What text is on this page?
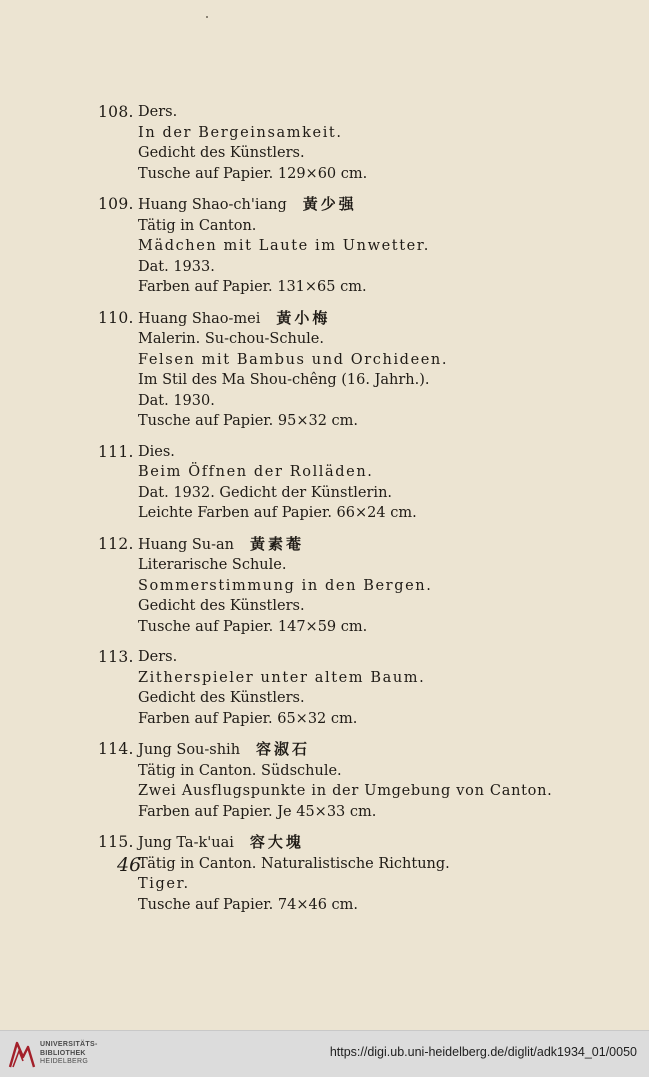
108. Ders.
In der Bergeinsamkeit.
Gedicht des Künstlers.
Tusche auf Papier. 129×60 cm.
109. Huang Shao-ch'iang 黃少强
Tätig in Canton.
Mädchen mit Laute im Unwetter.
Dat. 1933.
Farben auf Papier. 131×65 cm.
110. Huang Shao-mei 黃小梅
Malerin. Su-chou-Schule.
Felsen mit Bambus und Orchideen.
Im Stil des Ma Shou-chêng (16. Jahrh.).
Dat. 1930.
Tusche auf Papier. 95×32 cm.
111. Dies.
Beim Öffnen der Rolläden.
Dat. 1932. Gedicht der Künstlerin.
Leichte Farben auf Papier. 66×24 cm.
112. Huang Su-an 黃素菴
Literarische Schule.
Sommerstimmung in den Bergen.
Gedicht des Künstlers.
Tusche auf Papier. 147×59 cm.
113. Ders.
Zitherspieler unter altem Baum.
Gedicht des Künstlers.
Farben auf Papier. 65×32 cm.
114. Jung Sou-shih 容淑石
Tätig in Canton. Südschule.
Zwei Ausflugspunkte in der Umgebung von Canton.
Farben auf Papier. Je 45×33 cm.
115. Jung Ta-k'uai 容大塊
Tätig in Canton. Naturalistische Richtung.
Tiger.
Tusche auf Papier. 74×46 cm.
46
UNIVERSITÄTS-
BIBLIOTHEK
HEIDELBERG
https://digi.ub.uni-heidelberg.de/diglit/adk1934_01/0050
